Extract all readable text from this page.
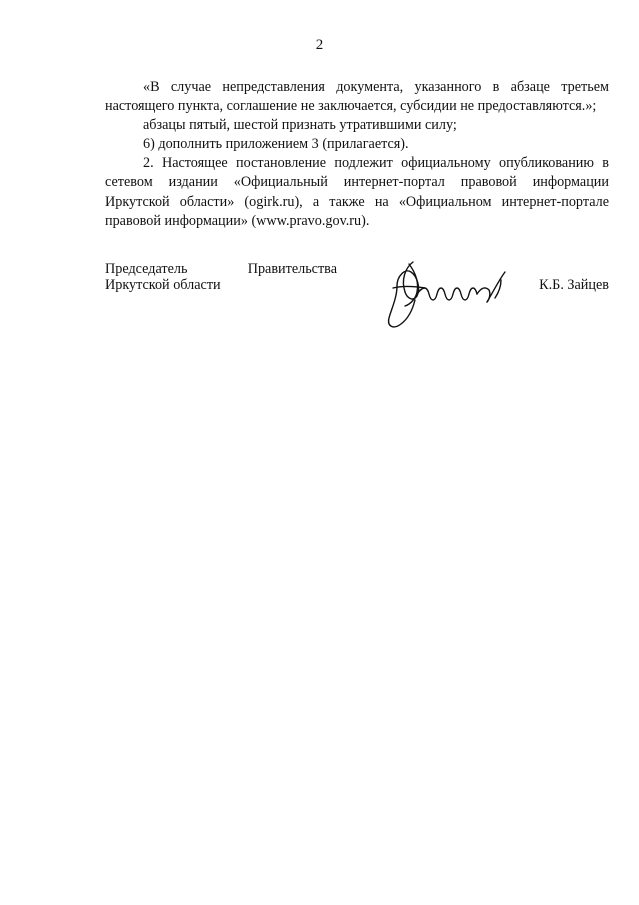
2

«В случае непредставления документа, указанного в абзаце третьем настоящего пункта, соглашение не заключается, субсидии не предоставляются.»;

абзацы пятый, шестой признать утратившими силу;

6) дополнить приложением 3 (прилагается).

2. Настоящее постановление подлежит официальному опубликованию в сетевом издании «Официальный интернет-портал правовой информации Иркутской области» (ogirk.ru), а также на «Официальном интернет-портале правовой информации» (www.pravo.gov.ru).

Председатель Правительства
Иркутской области	К.Б. Зайцев
